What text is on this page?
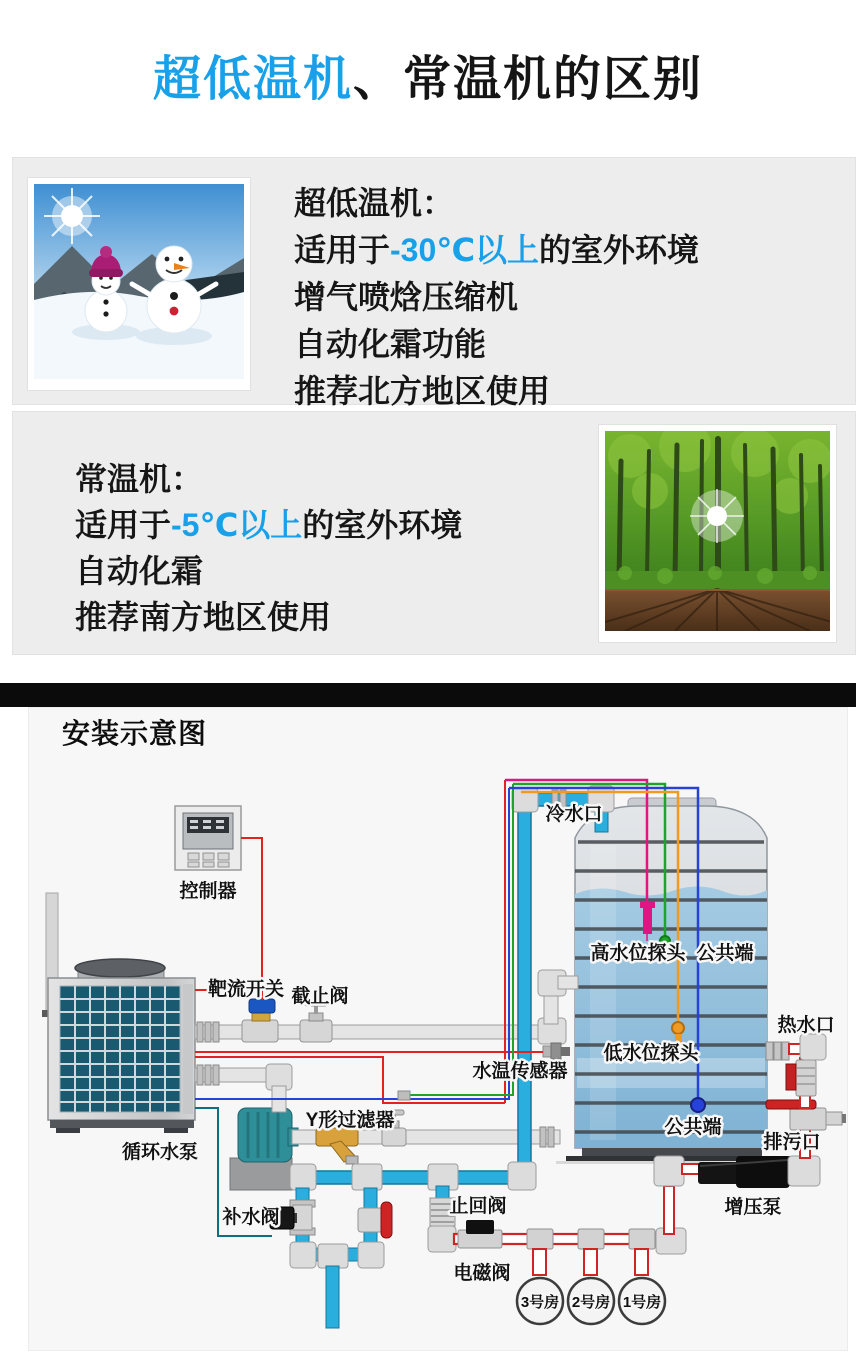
超低温机、常温机的区别
超低温机：
适用于-30℃以上的室外环境
增气喷焓压缩机
自动化霜功能
推荐北方地区使用
常温机：
适用于-5℃以上的室外环境
自动化霜
推荐南方地区使用
安装示意图
控制器
靶流开关 截止阀
冷水口
高水位探头 公共端
热水口
低水位探头
水温传感器
公共端
排污口
增压泵
循环水泵
Y形过滤器
补水阀
止回阀
电磁阀
3号房 2号房 1号房
